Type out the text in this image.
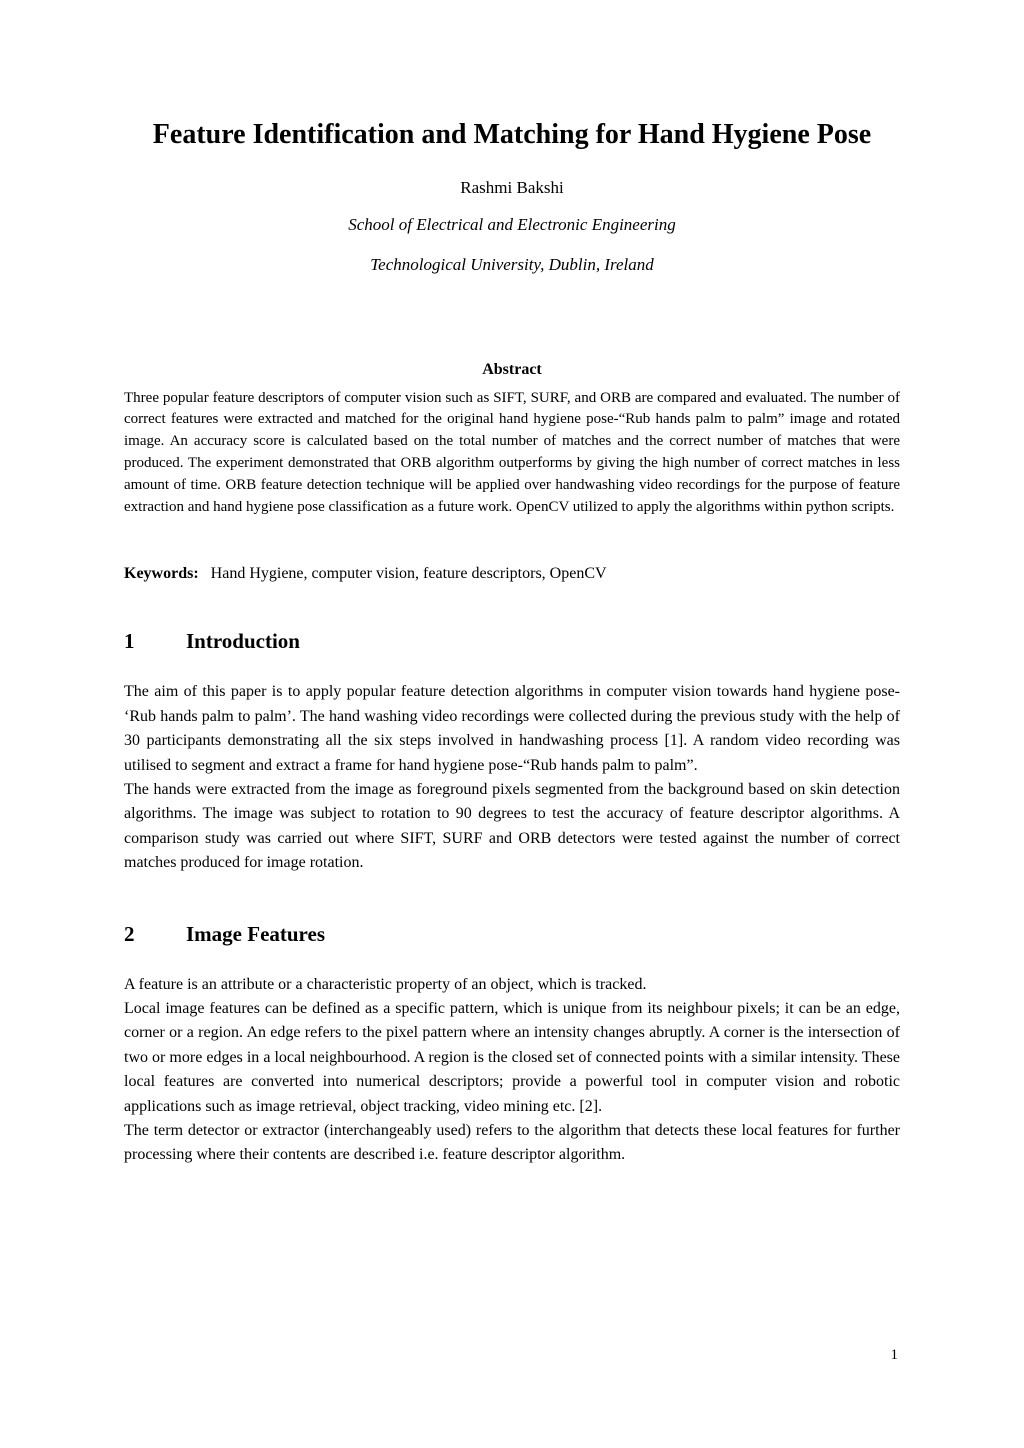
Feature Identification and Matching for Hand Hygiene Pose
Rashmi Bakshi
School of Electrical and Electronic Engineering
Technological University, Dublin, Ireland
Abstract

Three popular feature descriptors of computer vision such as SIFT, SURF, and ORB are compared and evaluated. The number of correct features were extracted and matched for the original hand hygiene pose-“Rub hands palm to palm” image and rotated image. An accuracy score is calculated based on the total number of matches and the correct number of matches that were produced. The experiment demonstrated that ORB algorithm outperforms by giving the high number of correct matches in less amount of time. ORB feature detection technique will be applied over handwashing video recordings for the purpose of feature extraction and hand hygiene pose classification as a future work. OpenCV utilized to apply the algorithms within python scripts.

Keywords: Hand Hygiene, computer vision, feature descriptors, OpenCV

1 Introduction

The aim of this paper is to apply popular feature detection algorithms in computer vision towards hand hygiene pose- ‘Rub hands palm to palm’. The hand washing video recordings were collected during the previous study with the help of 30 participants demonstrating all the six steps involved in handwashing process [1]. A random video recording was utilised to segment and extract a frame for hand hygiene pose-“Rub hands palm to palm”.

The hands were extracted from the image as foreground pixels segmented from the background based on skin detection algorithms. The image was subject to rotation to 90 degrees to test the accuracy of feature descriptor algorithms. A comparison study was carried out where SIFT, SURF and ORB detectors were tested against the number of correct matches produced for image rotation.

2 Image Features

A feature is an attribute or a characteristic property of an object, which is tracked.

Local image features can be defined as a specific pattern, which is unique from its neighbour pixels; it can be an edge, corner or a region. An edge refers to the pixel pattern where an intensity changes abruptly. A corner is the intersection of two or more edges in a local neighbourhood. A region is the closed set of connected points with a similar intensity. These local features are converted into numerical descriptors; provide a powerful tool in computer vision and robotic applications such as image retrieval, object tracking, video mining etc. [2].

The term detector or extractor (interchangeably used) refers to the algorithm that detects these local features for further processing where their contents are described i.e. feature descriptor algorithm.

1
